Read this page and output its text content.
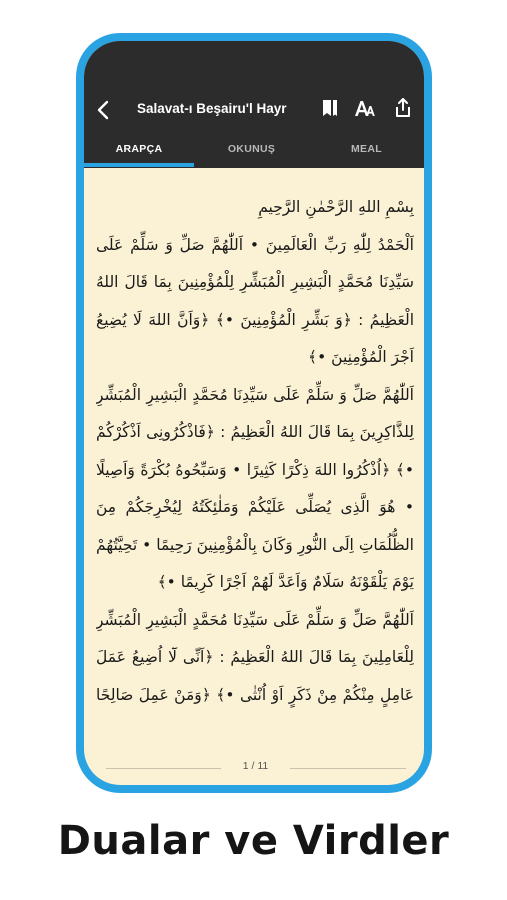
Salavat-ı Beşairu'l Hayr
ARAPÇA	OKUNUŞ	MEAL
بِسْمِ اللهِ الرَّحْمٰنِ الرَّحِيمِ
اَلْحَمْدُ لِلّٰهِ رَبِّ الْعَالَمِينَ • اَللّٰهُمَّ صَلِّ وَ سَلِّمْ عَلَى
سَيِّدِنَا مُحَمَّدٍ الْبَشِيرِ الْمُبَشِّرِ لِلْمُؤْمِنِينَ بِمَا قَالَ اللهُ
الْعَظِيمُ : ﴿وَ بَشِّرِ الْمُؤْمِنِينَ •﴾ ﴿وَاَنَّ اللهَ لَا يُضِيعُ
اَجْرَ الْمُؤْمِنِينَ •﴾
اَللّٰهُمَّ صَلِّ وَ سَلِّمْ عَلَى سَيِّدِنَا مُحَمَّدٍ الْبَشِيرِ الْمُبَشِّرِ
لِلذَّاكِرِينَ بِمَا قَالَ اللهُ الْعَظِيمُ : ﴿فَاذْكُرُونِى اَذْكُرْكُمْ
•﴾ ﴿اُذْكُرُوا اللهَ ذِكْرًا كَثِيرًا • وَسَبِّحُوهُ بُكْرَةً وَاَصِيلًا
• هُوَ الَّذِى يُصَلِّى عَلَيْكُمْ وَمَلٰئِكَتُهُ لِيُخْرِجَكُمْ مِنَ
الظُّلُمَاتِ اِلَى النُّورِ وَكَانَ بِالْمُؤْمِنِينَ رَحِيمًا • تَحِيَّتُهُمْ
يَوْمَ يَلْقَوْنَهُ سَلَامٌ وَاَعَدَّ لَهُمْ اَجْرًا كَرِيمًا •﴾
اَللّٰهُمَّ صَلِّ وَ سَلِّمْ عَلَى سَيِّدِنَا مُحَمَّدٍ الْبَشِيرِ الْمُبَشِّرِ
لِلْعَامِلِينَ بِمَا قَالَ اللهُ الْعَظِيمُ : ﴿اَنِّى لَٓا اُضِيعُ عَمَلَ
عَامِلٍ مِنْكُمْ مِنْ ذَكَرٍ اَوْ اُنْثٰى •﴾ ﴿وَمَنْ عَمِلَ صَالِحًا
1 / 11
Dualar ve Virdler
